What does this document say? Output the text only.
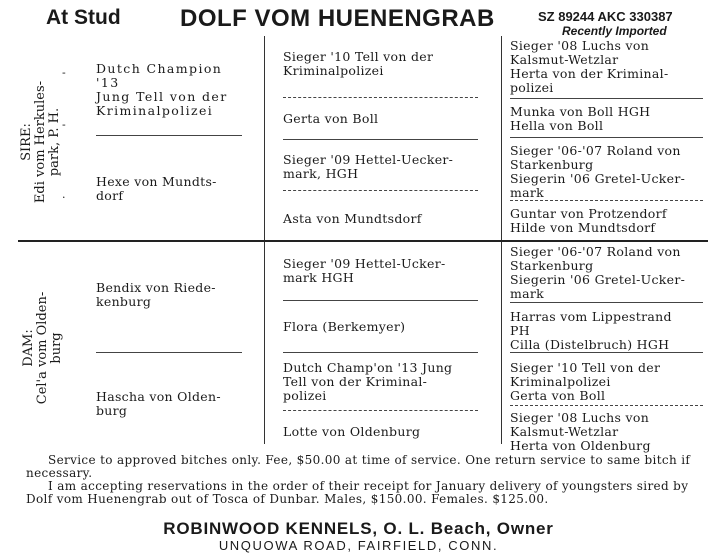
At Stud DOLF VOM HUENENGRAB	SZ 89244 AKC 330387
Recently Imported
SIRE:
Edi vom Herkules-
park, P. H.
-
-
.
Dutch Champion
'13
Jung Tell von der
Kriminalpolizei
Hexe von Mundts-
dorf
Sieger '10 Tell von der
Kriminalpolizei
Gerta von Boll
Sieger '09 Hettel-Uecker-
mark, HGH
Asta von Mundtsdorf
Sieger '08 Luchs von
Kalsmut-Wetzlar
Herta von der Kriminal-
polizei
Munka von Boll HGH
Hella von Boll
Sieger '06-'07 Roland von
Starkenburg
Siegerin '06 Gretel-Ucker-
mark
Guntar von Protzendorf
Hilde von Mundtsdorf
DAM:
Cel'a vom Olden-
burg
Bendix von Riede-
kenburg
Hascha von Olden-
burg
Sieger '09 Hettel-Ucker-
mark HGH
Flora (Berkemyer)
Dutch Champ'on '13 Jung
Tell von der Kriminal-
polizei
Lotte von Oldenburg
Sieger '06-'07 Roland von
Starkenburg
Siegerin '06 Gretel-Ucker-
mark
Harras vom Lippestrand
PH
Cilla (Distelbruch) HGH
Sieger '10 Tell von der
Kriminalpolizei
Gerta von Boll
Sieger '08 Luchs von
Kalsmut-Wetzlar
Herta von Oldenburg
Service to approved bitches only. Fee, $50.00 at time of service. One return service to same bitch if necessary.
I am accepting reservations in the order of their receipt for January delivery of youngsters sired by Dolf vom Huenengrab out of Tosca of Dunbar. Males, $150.00. Females. $125.00.
ROBINWOOD KENNELS, O. L. Beach, Owner
UNQUOWA ROAD, FAIRFIELD, CONN.
